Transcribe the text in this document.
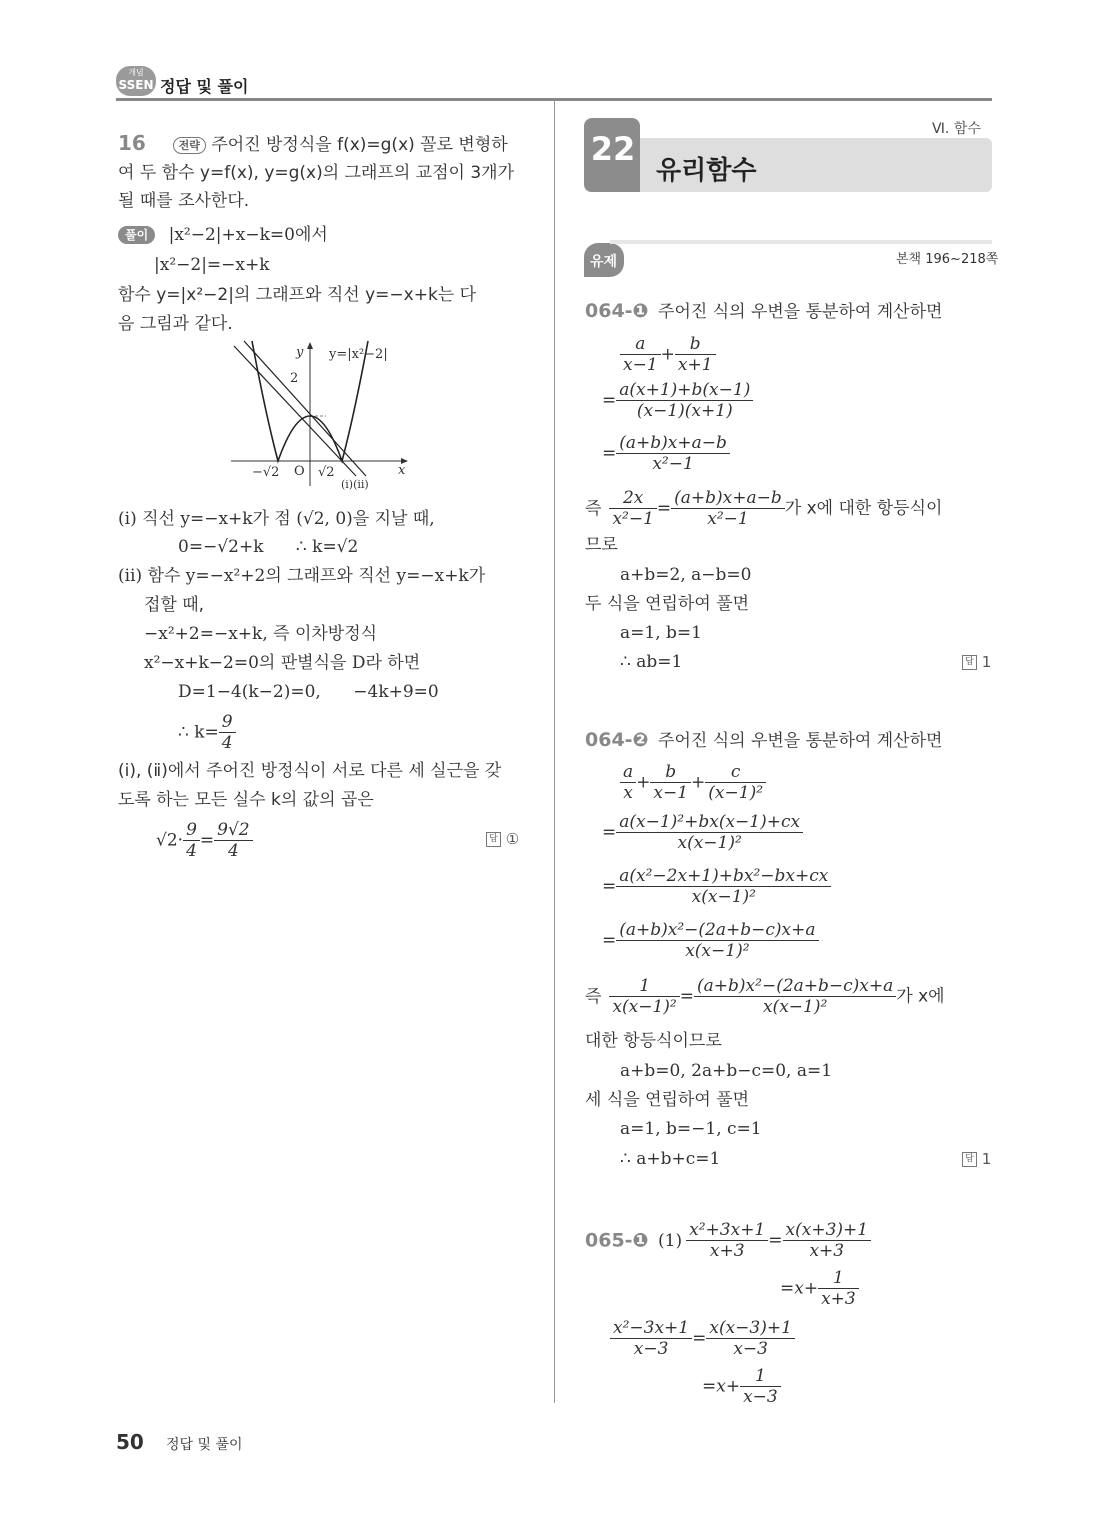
개념
SSEN 정답 및 풀이
16	전략 주어진 방정식을 f(x)=g(x) 꼴로 변형하
여 두 함수 y=f(x), y=g(x)의 그래프의 교점이 3개가
될 때를 조사한다.
풀이 |x²−2|+x−k=0에서
|x²−2|=−x+k
함수 y=|x²−2|의 그래프와 직선 y=−x+k는 다
음 그림과 같다.
y y=|x²−2|
2
x
−√2 O √2
(ⅰ)(ⅱ)
(ⅰ) 직선 y=−x+k가 점 (√2, 0)을 지날 때,
0=−√2+k      ∴ k=√2
(ⅱ) 함수 y=−x²+2의 그래프와 직선 y=−x+k가
접할 때,
−x²+2=−x+k, 즉 이차방정식
x²−x+k−2=0의 판별식을 D라 하면
D=1−4(k−2)=0,      −4k+9=0
∴ $k= \frac{9}{4}$
(ⅰ), (ⅱ)에서 주어진 방정식이 서로 다른 세 실근을 갖
도록 하는 모든 실수 k의 값의 곱은
$√2\cdot \frac{9}{4} = \frac{9√2}{4}$	답 ①
Ⅵ. 함수
22
유리함수
유제	본책 196~218쪽
064-❶ 주어진 식의 우변을 통분하여 계산하면
$\frac{a}{x-1} + \frac{b}{x+1}$
= $\frac{a(x+1)+b(x-1)}{(x-1)(x+1)}$
= $\frac{(a+b)x+a-b}{\text{x²−1}}$
즉 $\frac{2x}{\text{x²−1}} = \frac{(a+b)x+a-b}{\text{x²−1}}$ 가 x에 대한 항등식이
므로
a+b=2, a−b=0
두 식을 연립하여 풀면
a=1, b=1
∴ ab=1	답 1
064-❷ 주어진 식의 우변을 통분하여 계산하면
$\frac{a}{x} + \frac{b}{x-1} + \frac{c}{\text{(x−1)²}}$
= $\frac{\text{a(x−1)²+bx(x−1)+cx}}{\text{x(x−1)²}}$
= $\frac{\text{a(x²−2x+1)+bx²−bx+cx}}{\text{x(x−1)²}}$
= $\frac{\text{(a+b)x²−(2a+b−c)x+a}}{\text{x(x−1)²}}$
즉 $\frac{1}{\text{x(x−1)²}} = \frac{\text{(a+b)x²−(2a+b−c)x+a}}{\text{x(x−1)²}}$ 가 x에
대한 항등식이므로
a+b=0, 2a+b−c=0, a=1
세 식을 연립하여 풀면
a=1, b=−1, c=1
∴ a+b+c=1	답 1
065-❶ $(1) \frac{\text{x²+3x+1}}{x+3} = \frac{x(x+3)+1}{x+3}$
$=x+ \frac{1}{x+3}$
$\frac{\text{x²−3x+1}}{x-3} = \frac{x(x-3)+1}{x-3}$
$=x+ \frac{1}{x-3}$
50 정답 및 풀이
